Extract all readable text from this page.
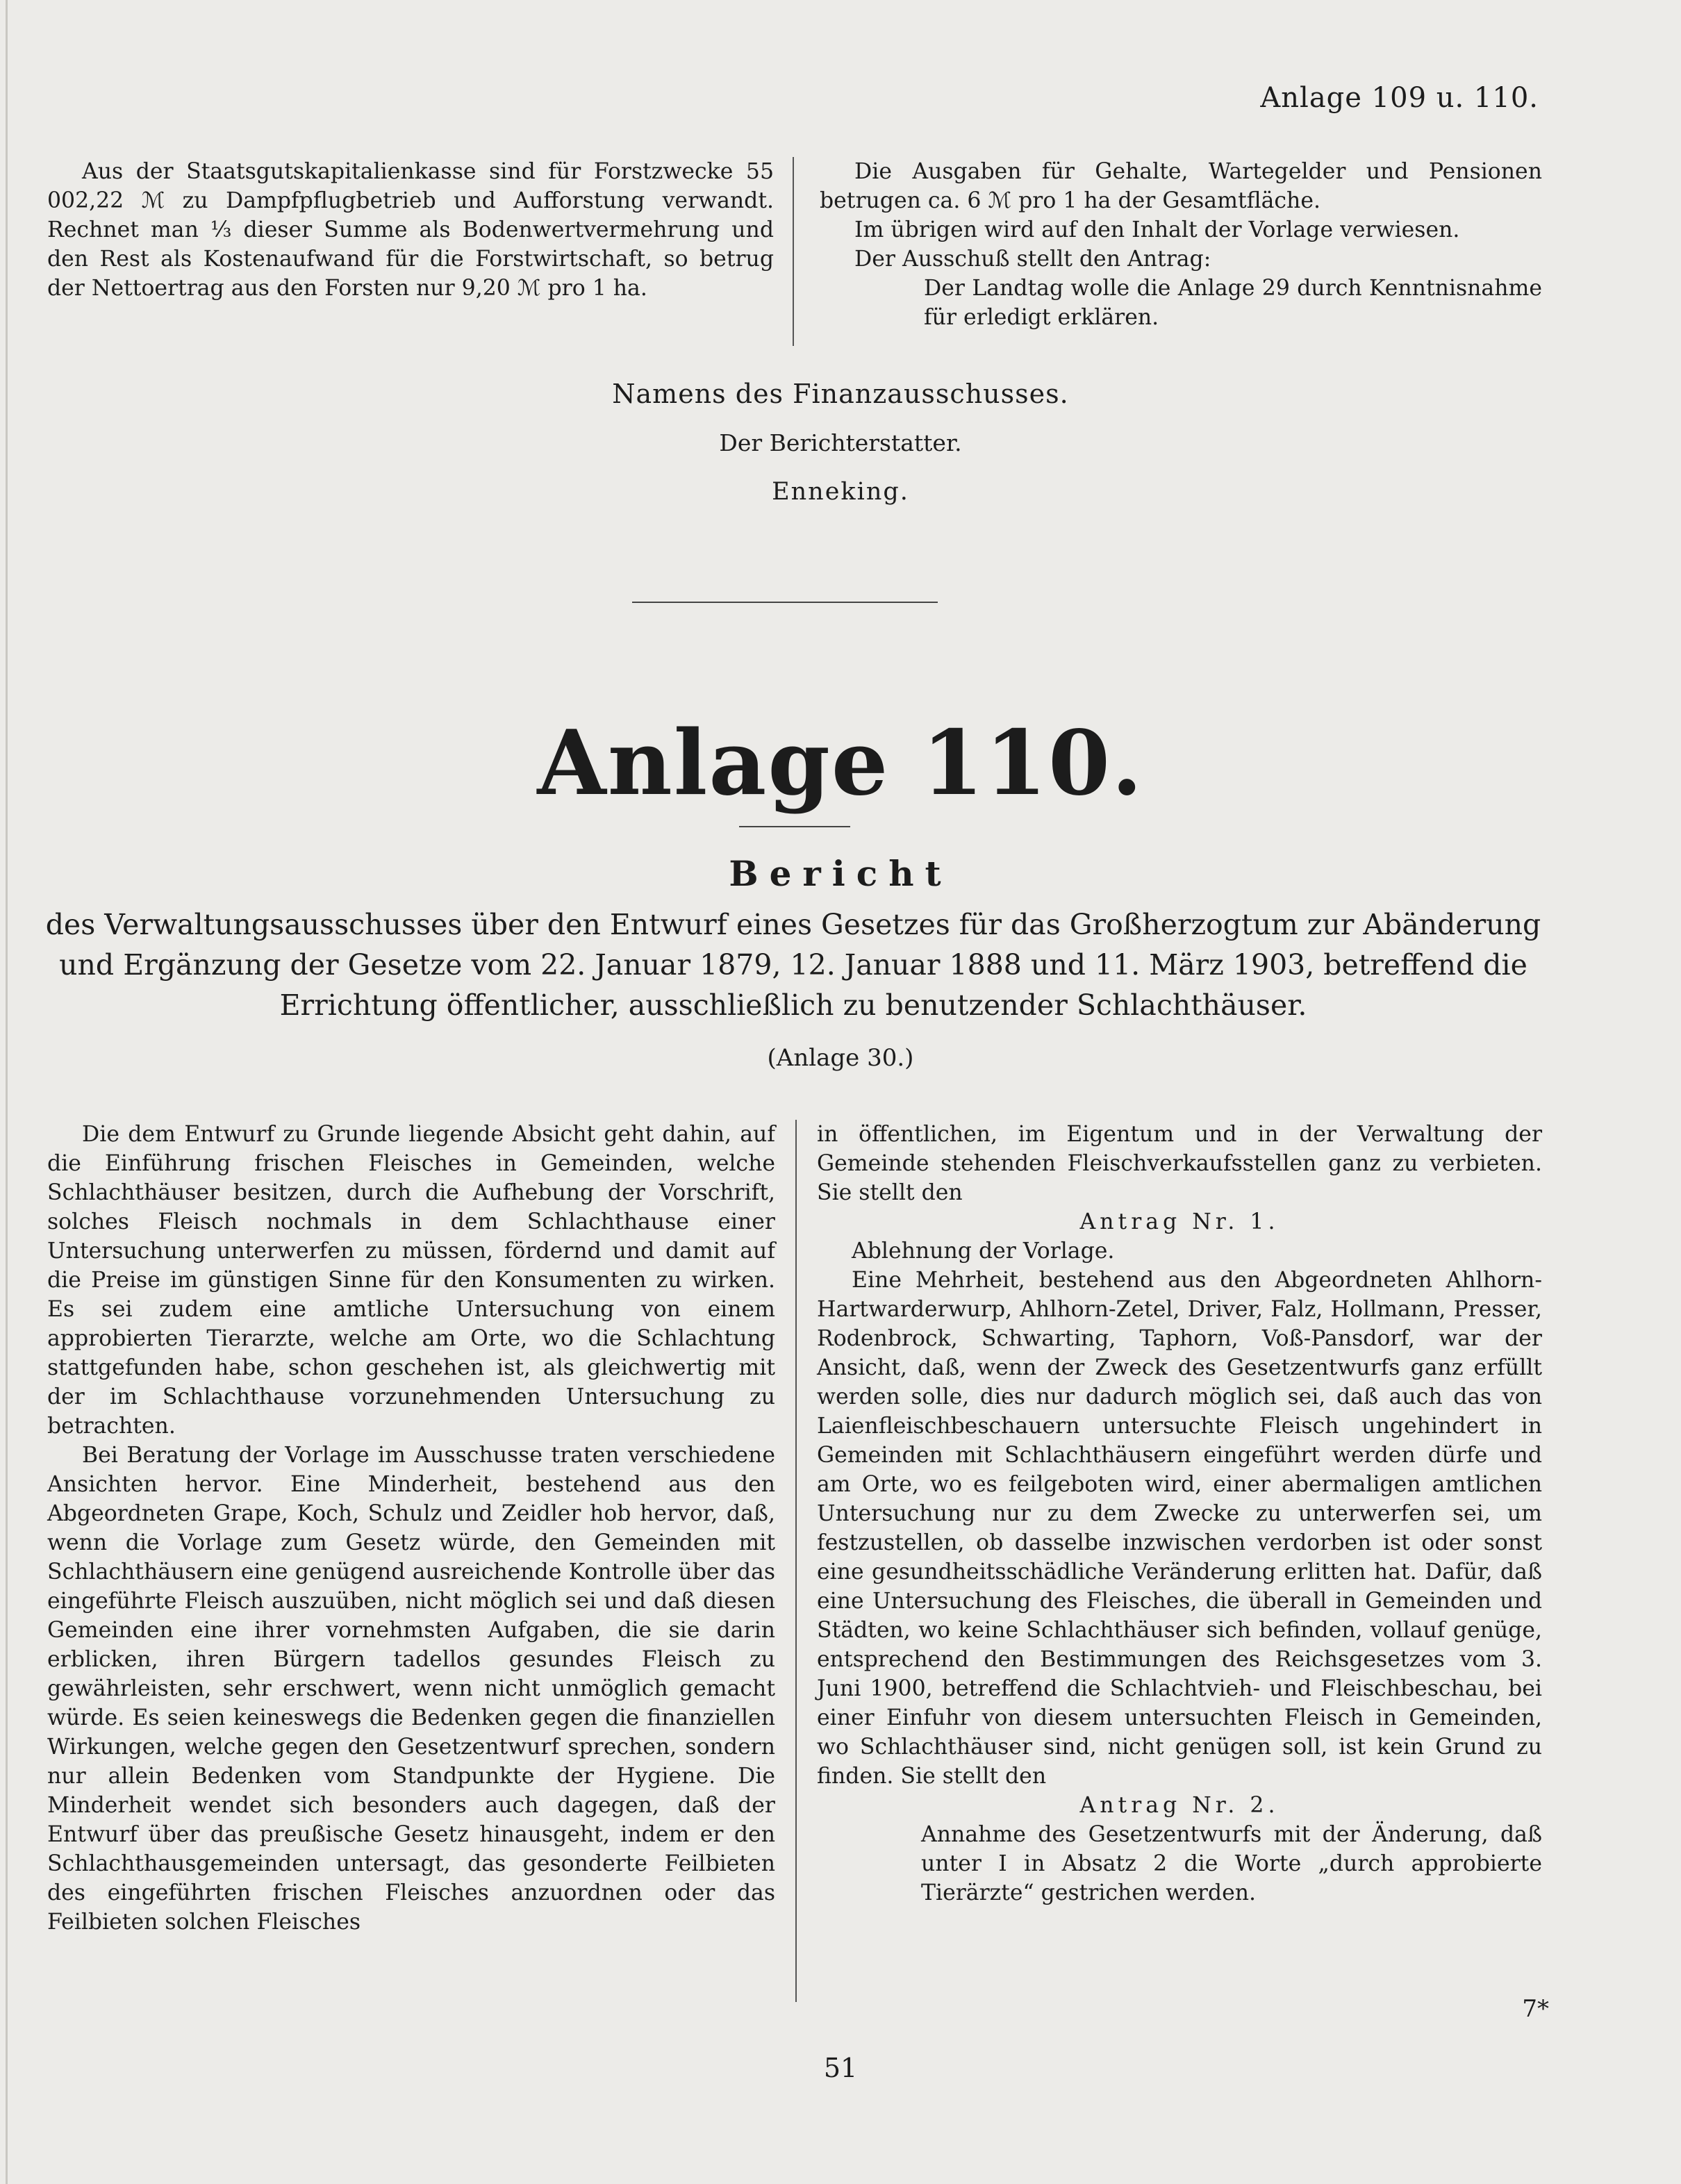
Anlage 109 u. 110.

Aus der Staatsgutskapitalienkasse sind für Forstzwecke 55 002,22 ℳ zu Dampfpflugbetrieb und Aufforstung verwandt. Rechnet man ¹⁄₃ dieser Summe als Bodenwertvermehrung und den Rest als Kostenaufwand für die Forstwirtschaft, so betrug der Nettoertrag aus den Forsten nur 9,20 ℳ pro 1 ha.

Die Ausgaben für Gehalte, Wartegelder und Pensionen betrugen ca. 6 ℳ pro 1 ha der Gesamtfläche.

Im übrigen wird auf den Inhalt der Vorlage verwiesen.

Der Ausschuß stellt den Antrag:

Der Landtag wolle die Anlage 29 durch Kenntnisnahme für erledigt erklären.

Namens des Finanzausschusses.
Der Berichterstatter.
Enneking.
Anlage 110.
Bericht
des Verwaltungsausschusses über den Entwurf eines Gesetzes für das Großherzogtum zur Abänderung und Ergänzung der Gesetze vom 22. Januar 1879, 12. Januar 1888 und 11. März 1903, betreffend die Errichtung öffentlicher, ausschließlich zu benutzender Schlachthäuser.
(Anlage 30.)

Die dem Entwurf zu Grunde liegende Absicht geht dahin, auf die Einführung frischen Fleisches in Gemeinden, welche Schlachthäuser besitzen, durch die Aufhebung der Vorschrift, solches Fleisch nochmals in dem Schlachthause einer Untersuchung unterwerfen zu müssen, fördernd und damit auf die Preise im günstigen Sinne für den Konsumenten zu wirken. Es sei zudem eine amtliche Untersuchung von einem approbierten Tierarzte, welche am Orte, wo die Schlachtung stattgefunden habe, schon geschehen ist, als gleichwertig mit der im Schlachthause vorzunehmenden Untersuchung zu betrachten.

Bei Beratung der Vorlage im Ausschusse traten verschiedene Ansichten hervor. Eine Minderheit, bestehend aus den Abgeordneten Grape, Koch, Schulz und Zeidler hob hervor, daß, wenn die Vorlage zum Gesetz würde, den Gemeinden mit Schlachthäusern eine genügend ausreichende Kontrolle über das eingeführte Fleisch auszuüben, nicht möglich sei und daß diesen Gemeinden eine ihrer vornehmsten Aufgaben, die sie darin erblicken, ihren Bürgern tadellos gesundes Fleisch zu gewährleisten, sehr erschwert, wenn nicht unmöglich gemacht würde. Es seien keineswegs die Bedenken gegen die finanziellen Wirkungen, welche gegen den Gesetzentwurf sprechen, sondern nur allein Bedenken vom Standpunkte der Hygiene. Die Minderheit wendet sich besonders auch dagegen, daß der Entwurf über das preußische Gesetz hinausgeht, indem er den Schlachthausgemeinden untersagt, das gesonderte Feilbieten des eingeführten frischen Fleisches anzuordnen oder das Feilbieten solchen Fleisches

in öffentlichen, im Eigentum und in der Verwaltung der Gemeinde stehenden Fleischverkaufsstellen ganz zu verbieten. Sie stellt den

Antrag Nr. 1.

Ablehnung der Vorlage.

Eine Mehrheit, bestehend aus den Abgeordneten Ahlhorn-Hartwarderwurp, Ahlhorn-Zetel, Driver, Falz, Hollmann, Presser, Rodenbrock, Schwarting, Taphorn, Voß-Pansdorf, war der Ansicht, daß, wenn der Zweck des Gesetzentwurfs ganz erfüllt werden solle, dies nur dadurch möglich sei, daß auch das von Laienfleischbeschauern untersuchte Fleisch ungehindert in Gemeinden mit Schlachthäusern eingeführt werden dürfe und am Orte, wo es feilgeboten wird, einer abermaligen amtlichen Untersuchung nur zu dem Zwecke zu unterwerfen sei, um festzustellen, ob dasselbe inzwischen verdorben ist oder sonst eine gesundheitsschädliche Veränderung erlitten hat. Dafür, daß eine Untersuchung des Fleisches, die überall in Gemeinden und Städten, wo keine Schlachthäuser sich befinden, vollauf genüge, entsprechend den Bestimmungen des Reichsgesetzes vom 3. Juni 1900, betreffend die Schlachtvieh- und Fleischbeschau, bei einer Einfuhr von diesem untersuchten Fleisch in Gemeinden, wo Schlachthäuser sind, nicht genügen soll, ist kein Grund zu finden. Sie stellt den

Antrag Nr. 2.

Annahme des Gesetzentwurfs mit der Änderung, daß unter I in Absatz 2 die Worte „durch approbierte Tierärzte“ gestrichen werden.

7*
51
